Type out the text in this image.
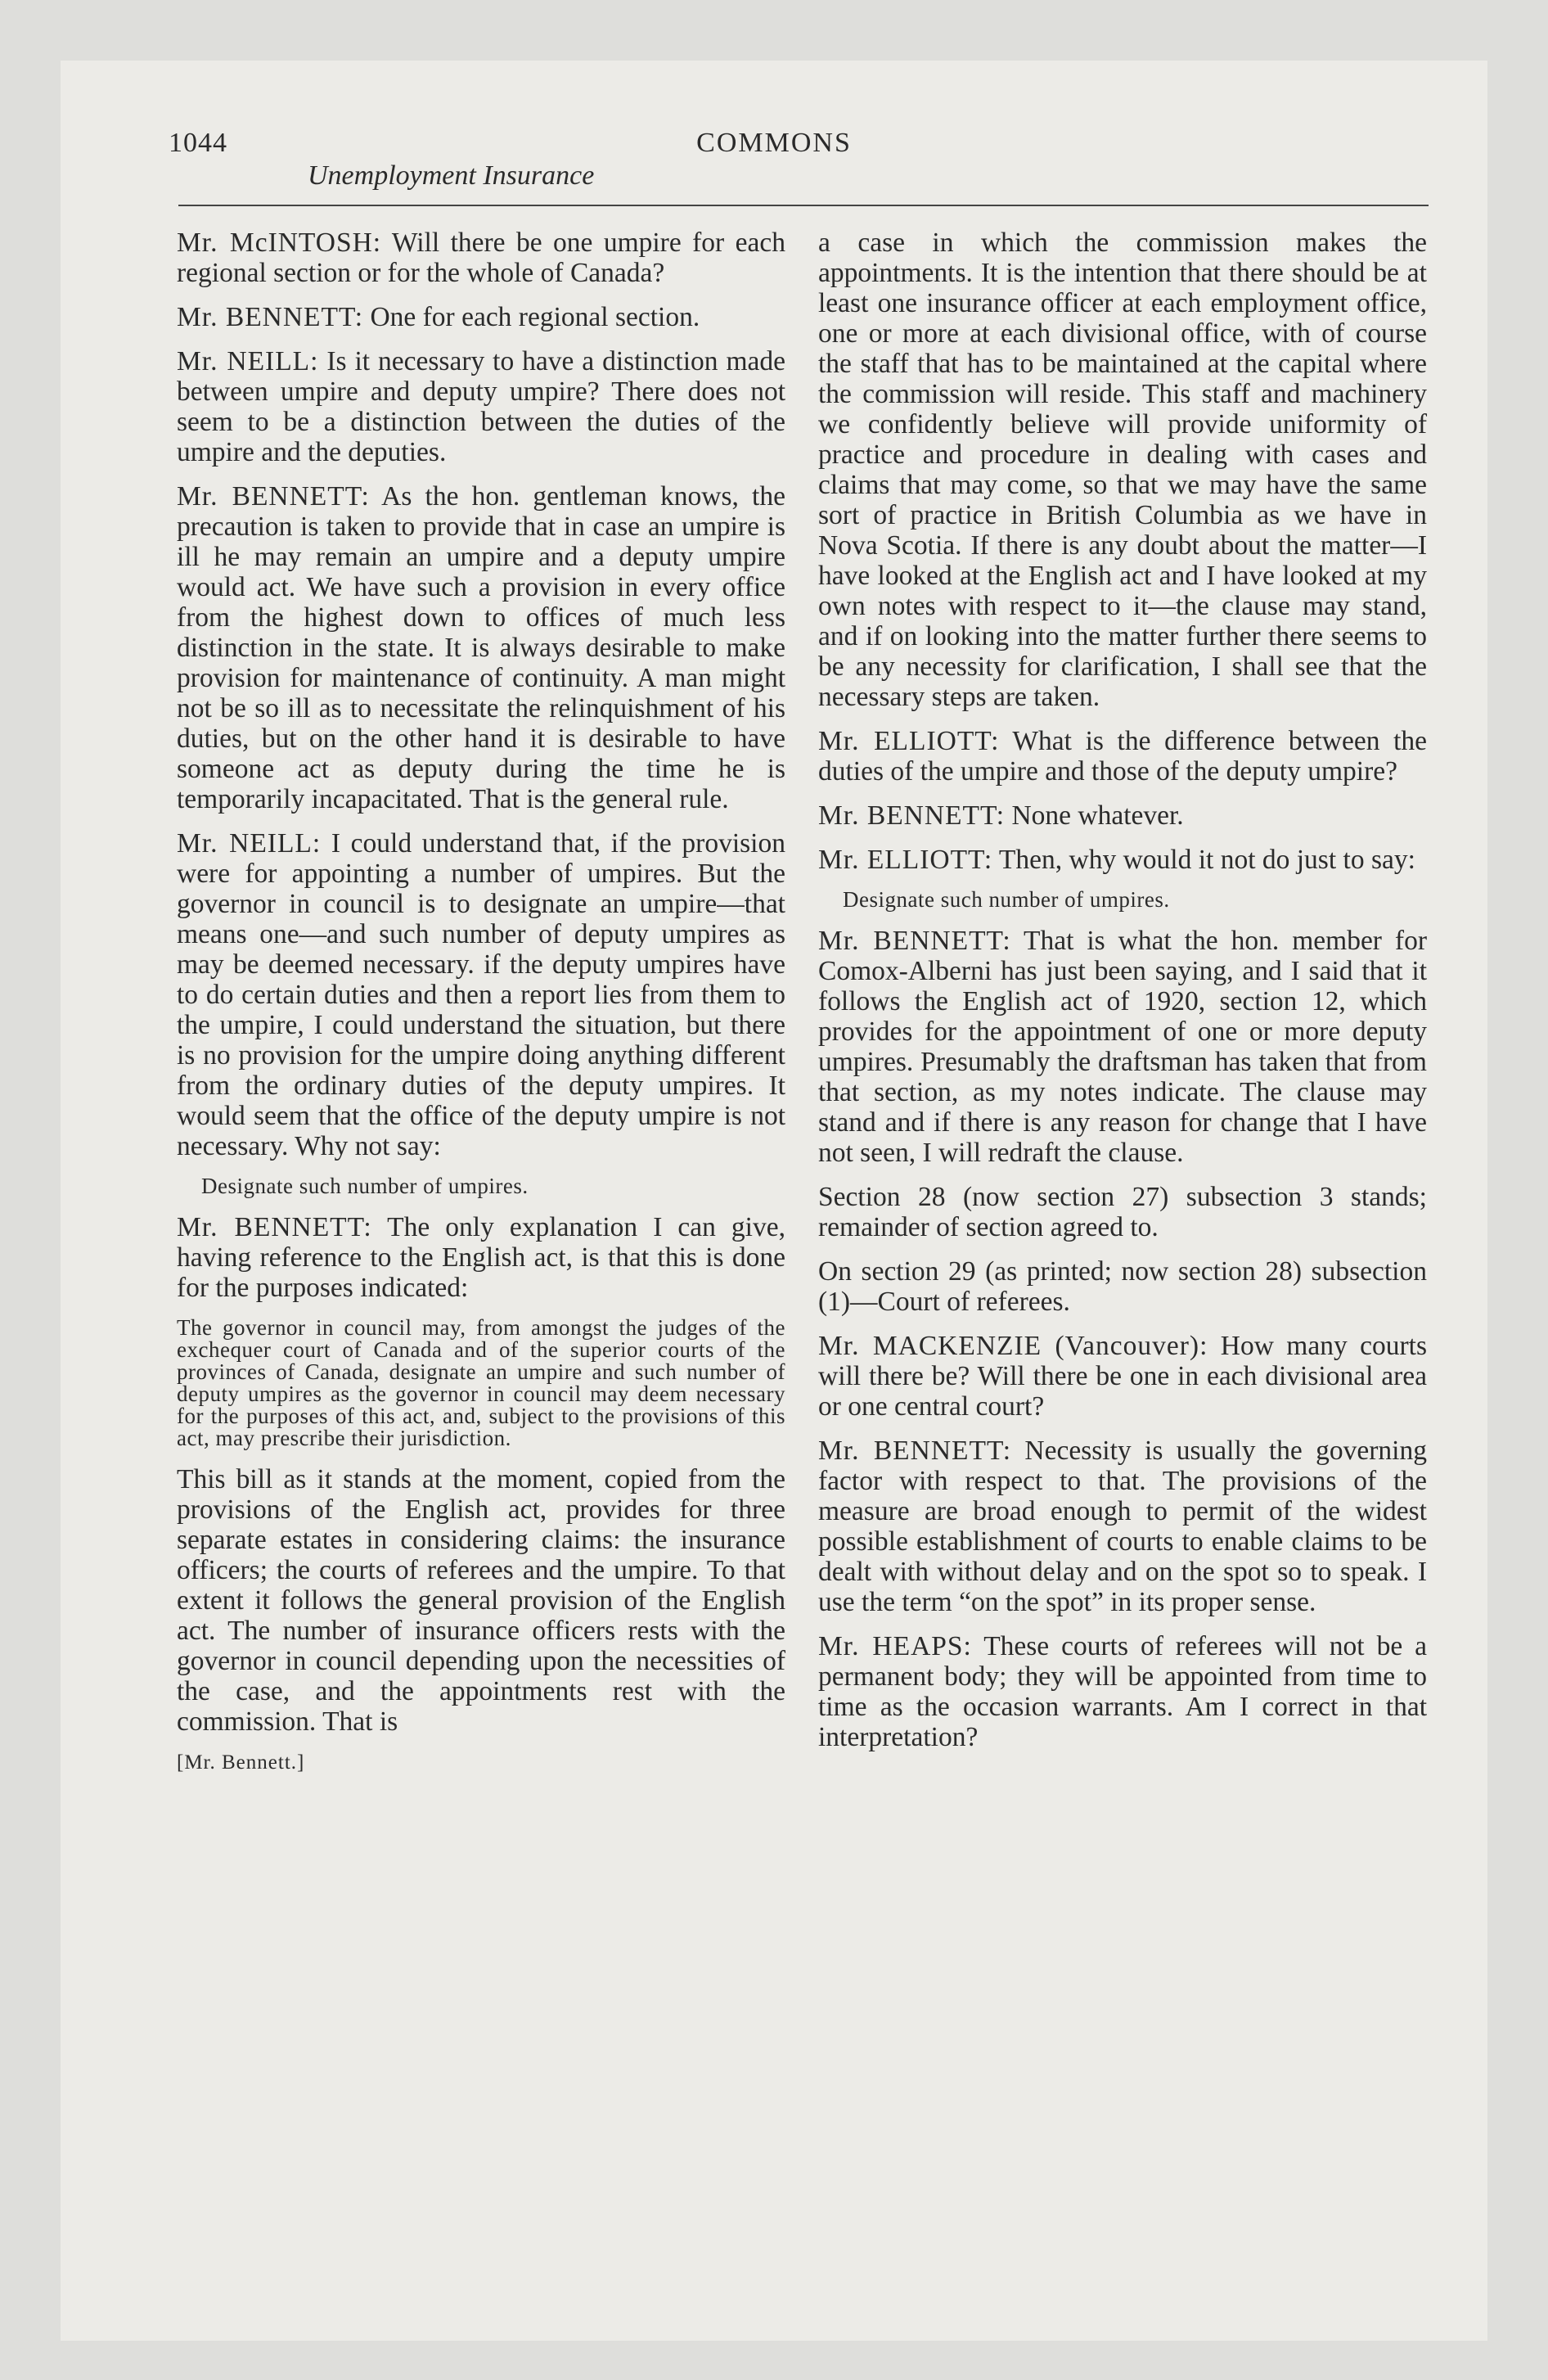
1044	COMMONS
Unemployment Insurance

Mr. McINTOSH: Will there be one umpire for each regional section or for the whole of Canada?

Mr. BENNETT: One for each regional section.

Mr. NEILL: Is it necessary to have a distinction made between umpire and deputy umpire? There does not seem to be a distinction between the duties of the umpire and the deputies.

Mr. BENNETT: As the hon. gentleman knows, the precaution is taken to provide that in case an umpire is ill he may remain an umpire and a deputy umpire would act. We have such a provision in every office from the highest down to offices of much less distinction in the state. It is always desirable to make provision for maintenance of continuity. A man might not be so ill as to necessitate the relinquishment of his duties, but on the other hand it is desirable to have someone act as deputy during the time he is temporarily incapacitated. That is the general rule.

Mr. NEILL: I could understand that, if the provision were for appointing a number of umpires. But the governor in council is to designate an umpire—that means one—and such number of deputy umpires as may be deemed necessary. if the deputy umpires have to do certain duties and then a report lies from them to the umpire, I could understand the situation, but there is no provision for the umpire doing anything different from the ordinary duties of the deputy umpires. It would seem that the office of the deputy umpire is not necessary. Why not say:

Designate such number of umpires.

Mr. BENNETT: The only explanation I can give, having reference to the English act, is that this is done for the purposes indicated:

The governor in council may, from amongst the judges of the exchequer court of Canada and of the superior courts of the provinces of Canada, designate an umpire and such number of deputy umpires as the governor in council may deem necessary for the purposes of this act, and, subject to the provisions of this act, may prescribe their jurisdiction.

This bill as it stands at the moment, copied from the provisions of the English act, provides for three separate estates in considering claims: the insurance officers; the courts of referees and the umpire. To that extent it follows the general provision of the English act. The number of insurance officers rests with the governor in council depending upon the necessities of the case, and the appointments rest with the commission. That is

[Mr. Bennett.]

a case in which the commission makes the appointments. It is the intention that there should be at least one insurance officer at each employment office, one or more at each divisional office, with of course the staff that has to be maintained at the capital where the commission will reside. This staff and machinery we confidently believe will provide uniformity of practice and procedure in dealing with cases and claims that may come, so that we may have the same sort of practice in British Columbia as we have in Nova Scotia. If there is any doubt about the matter—I have looked at the English act and I have looked at my own notes with respect to it—the clause may stand, and if on looking into the matter further there seems to be any necessity for clarification, I shall see that the necessary steps are taken.

Mr. ELLIOTT: What is the difference between the duties of the umpire and those of the deputy umpire?

Mr. BENNETT: None whatever.

Mr. ELLIOTT: Then, why would it not do just to say:

Designate such number of umpires.

Mr. BENNETT: That is what the hon. member for Comox-Alberni has just been saying, and I said that it follows the English act of 1920, section 12, which provides for the appointment of one or more deputy umpires. Presumably the draftsman has taken that from that section, as my notes indicate. The clause may stand and if there is any reason for change that I have not seen, I will redraft the clause.

Section 28 (now section 27) subsection 3 stands; remainder of section agreed to.

On section 29 (as printed; now section 28) subsection (1)—Court of referees.

Mr. MACKENZIE (Vancouver): How many courts will there be? Will there be one in each divisional area or one central court?

Mr. BENNETT: Necessity is usually the governing factor with respect to that. The provisions of the measure are broad enough to permit of the widest possible establishment of courts to enable claims to be dealt with without delay and on the spot so to speak. I use the term “on the spot” in its proper sense.

Mr. HEAPS: These courts of referees will not be a permanent body; they will be appointed from time to time as the occasion warrants. Am I correct in that interpretation?
